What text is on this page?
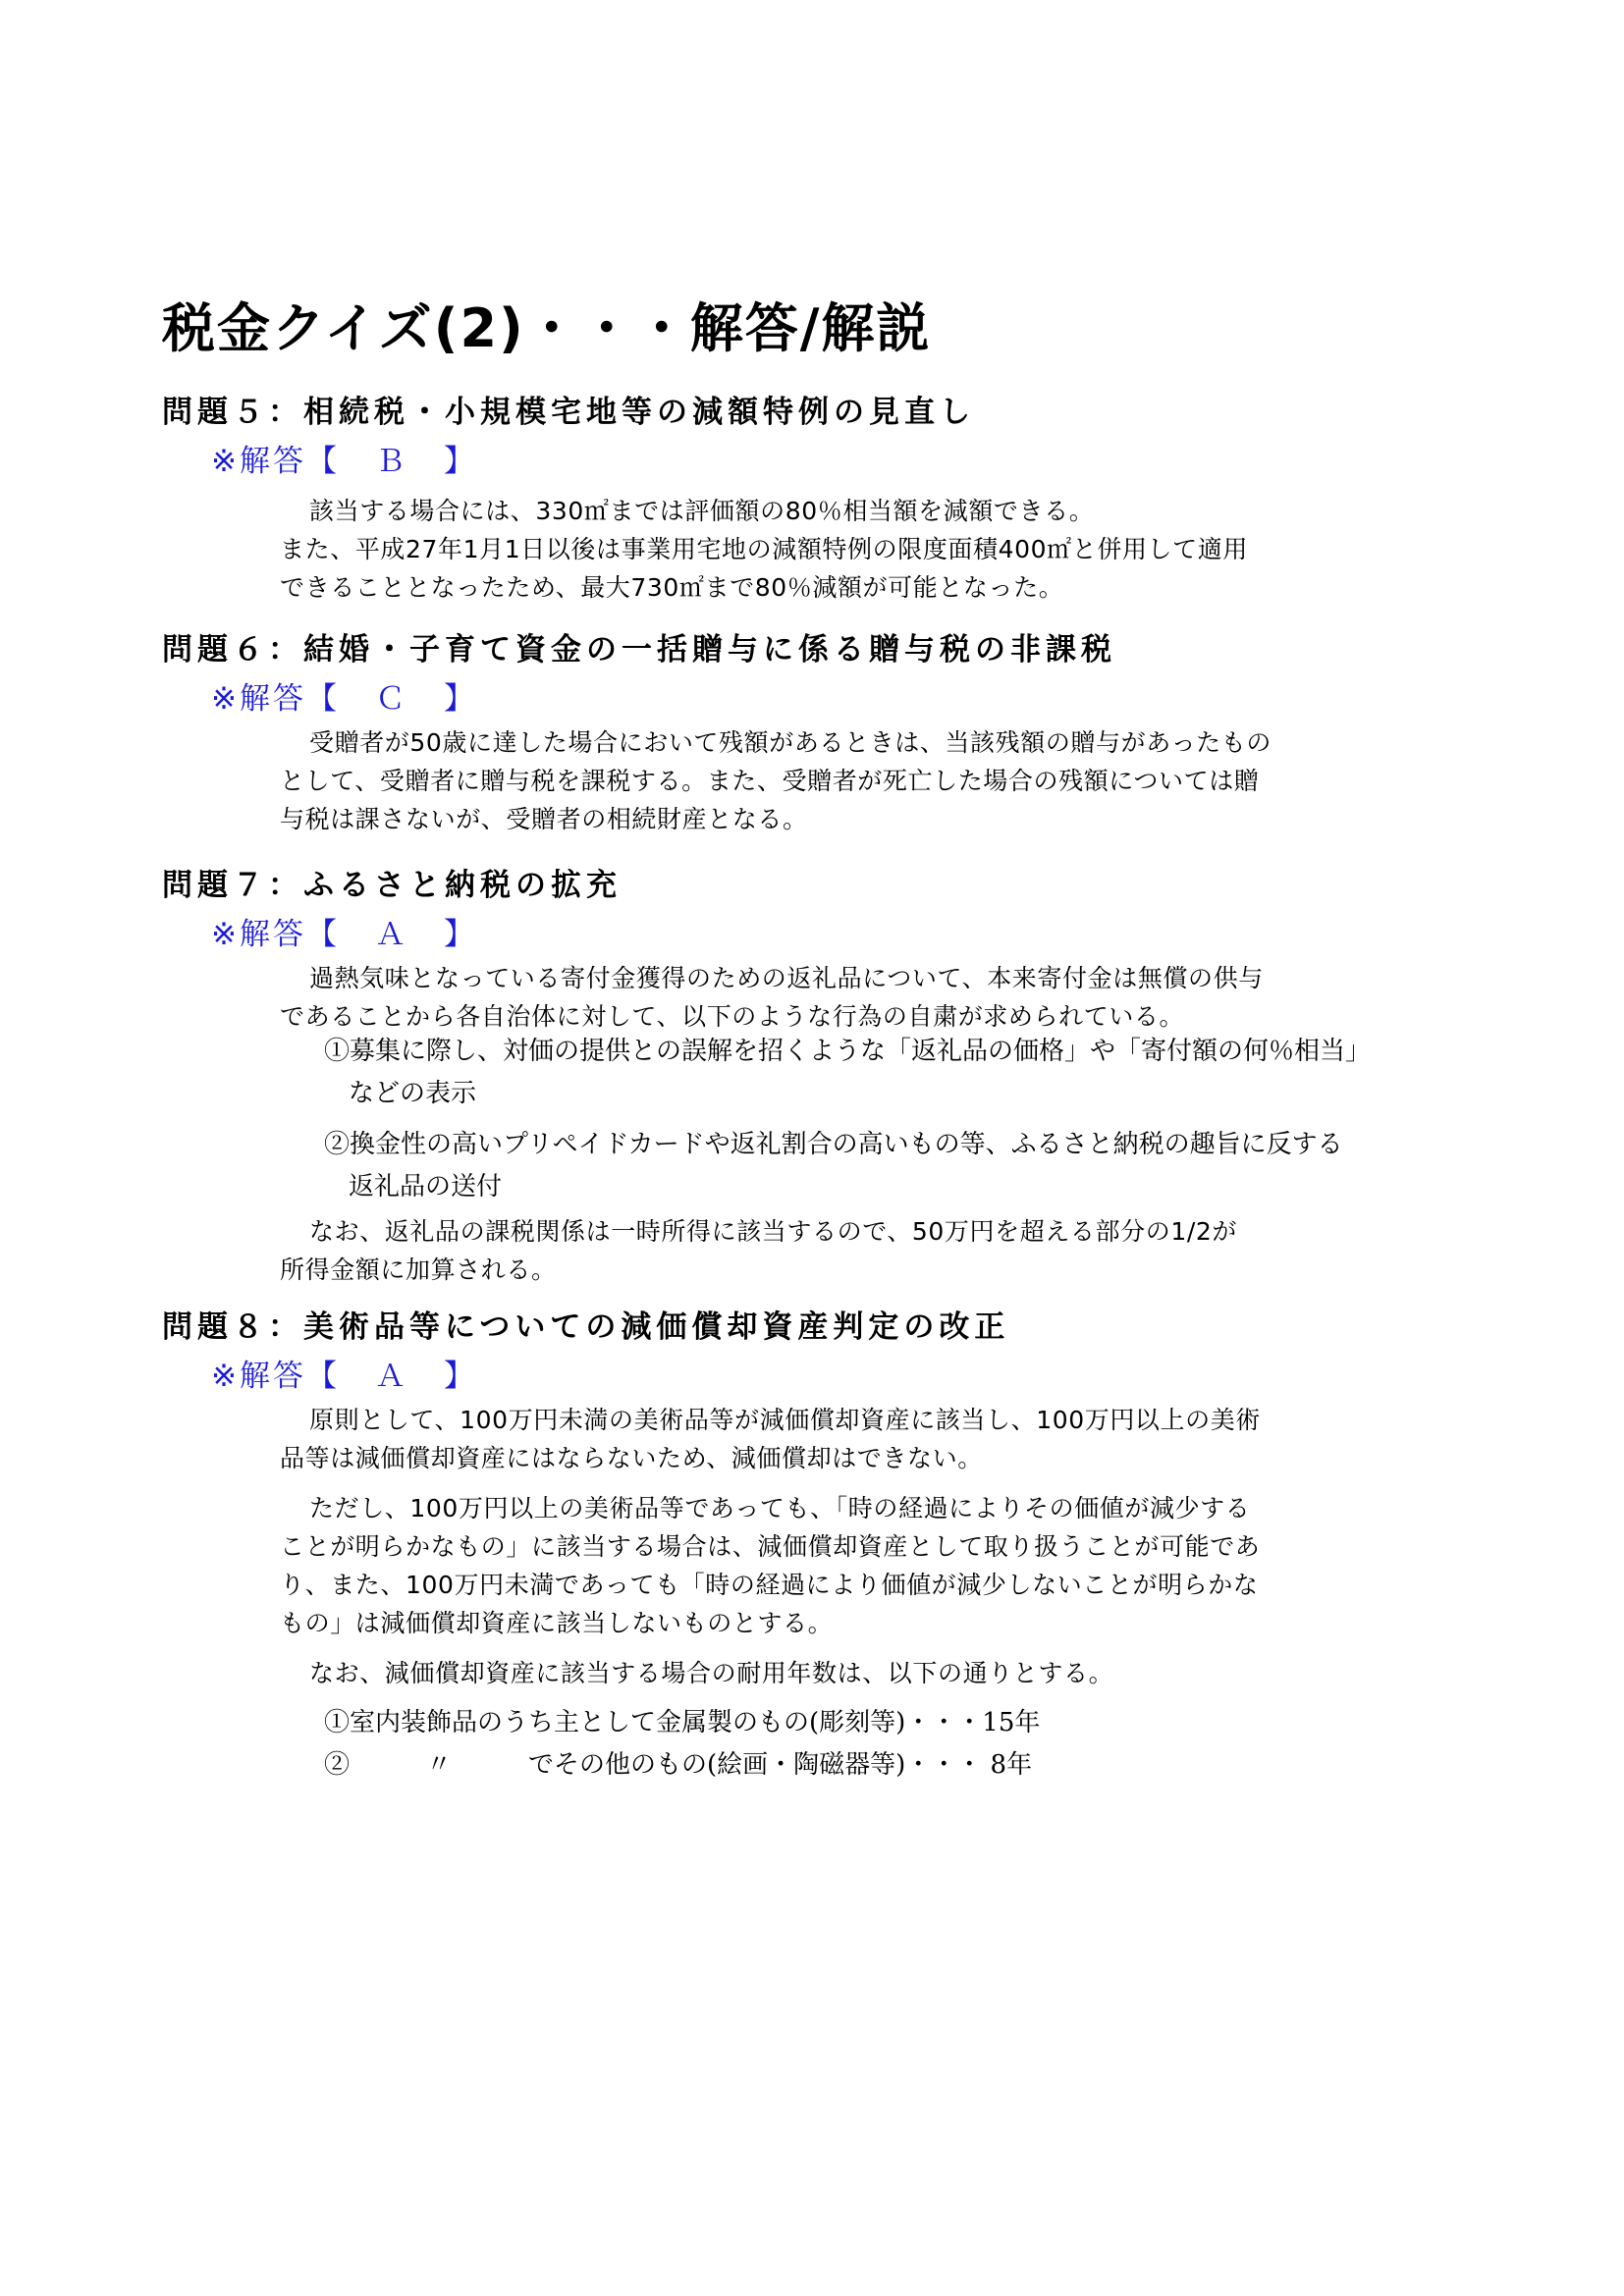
税金クイズ(2)・・・解答/解説
問題５：相続税・小規模宅地等の減額特例の見直し
※解答【 Ｂ 】
該当する場合には、330㎡までは評価額の80％相当額を減額できる。
また、平成27年1月1日以後は事業用宅地の減額特例の限度面積400㎡と併用して適用
できることとなったため、最大730㎡まで80％減額が可能となった。
問題６：結婚・子育て資金の一括贈与に係る贈与税の非課税
※解答【 Ｃ 】
受贈者が50歳に達した場合において残額があるときは、当該残額の贈与があったもの
として、受贈者に贈与税を課税する。また、受贈者が死亡した場合の残額については贈
与税は課さないが、受贈者の相続財産となる。
問題７：ふるさと納税の拡充
※解答【 Ａ 】
過熱気味となっている寄付金獲得のための返礼品について、本来寄付金は無償の供与
であることから各自治体に対して、以下のような行為の自粛が求められている。
①募集に際し、対価の提供との誤解を招くような「返礼品の価格」や「寄付額の何％相当」
などの表示
②換金性の高いプリペイドカードや返礼割合の高いもの等、ふるさと納税の趣旨に反する
返礼品の送付
なお、返礼品の課税関係は一時所得に該当するので、50万円を超える部分の1/2が
所得金額に加算される。
問題８：美術品等についての減価償却資産判定の改正
※解答【 Ａ 】
原則として、100万円未満の美術品等が減価償却資産に該当し、100万円以上の美術
品等は減価償却資産にはならないため、減価償却はできない。
ただし、100万円以上の美術品等であっても、「時の経過によりその価値が減少する
ことが明らかなもの」に該当する場合は、減価償却資産として取り扱うことが可能であ
り、また、100万円未満であっても「時の経過により価値が減少しないことが明らかな
もの」は減価償却資産に該当しないものとする。
なお、減価償却資産に該当する場合の耐用年数は、以下の通りとする。
①室内装飾品のうち主として金属製のもの(彫刻等)・・・15年
②　　　〃　　　でその他のもの(絵画・陶磁器等)・・・ 8年
